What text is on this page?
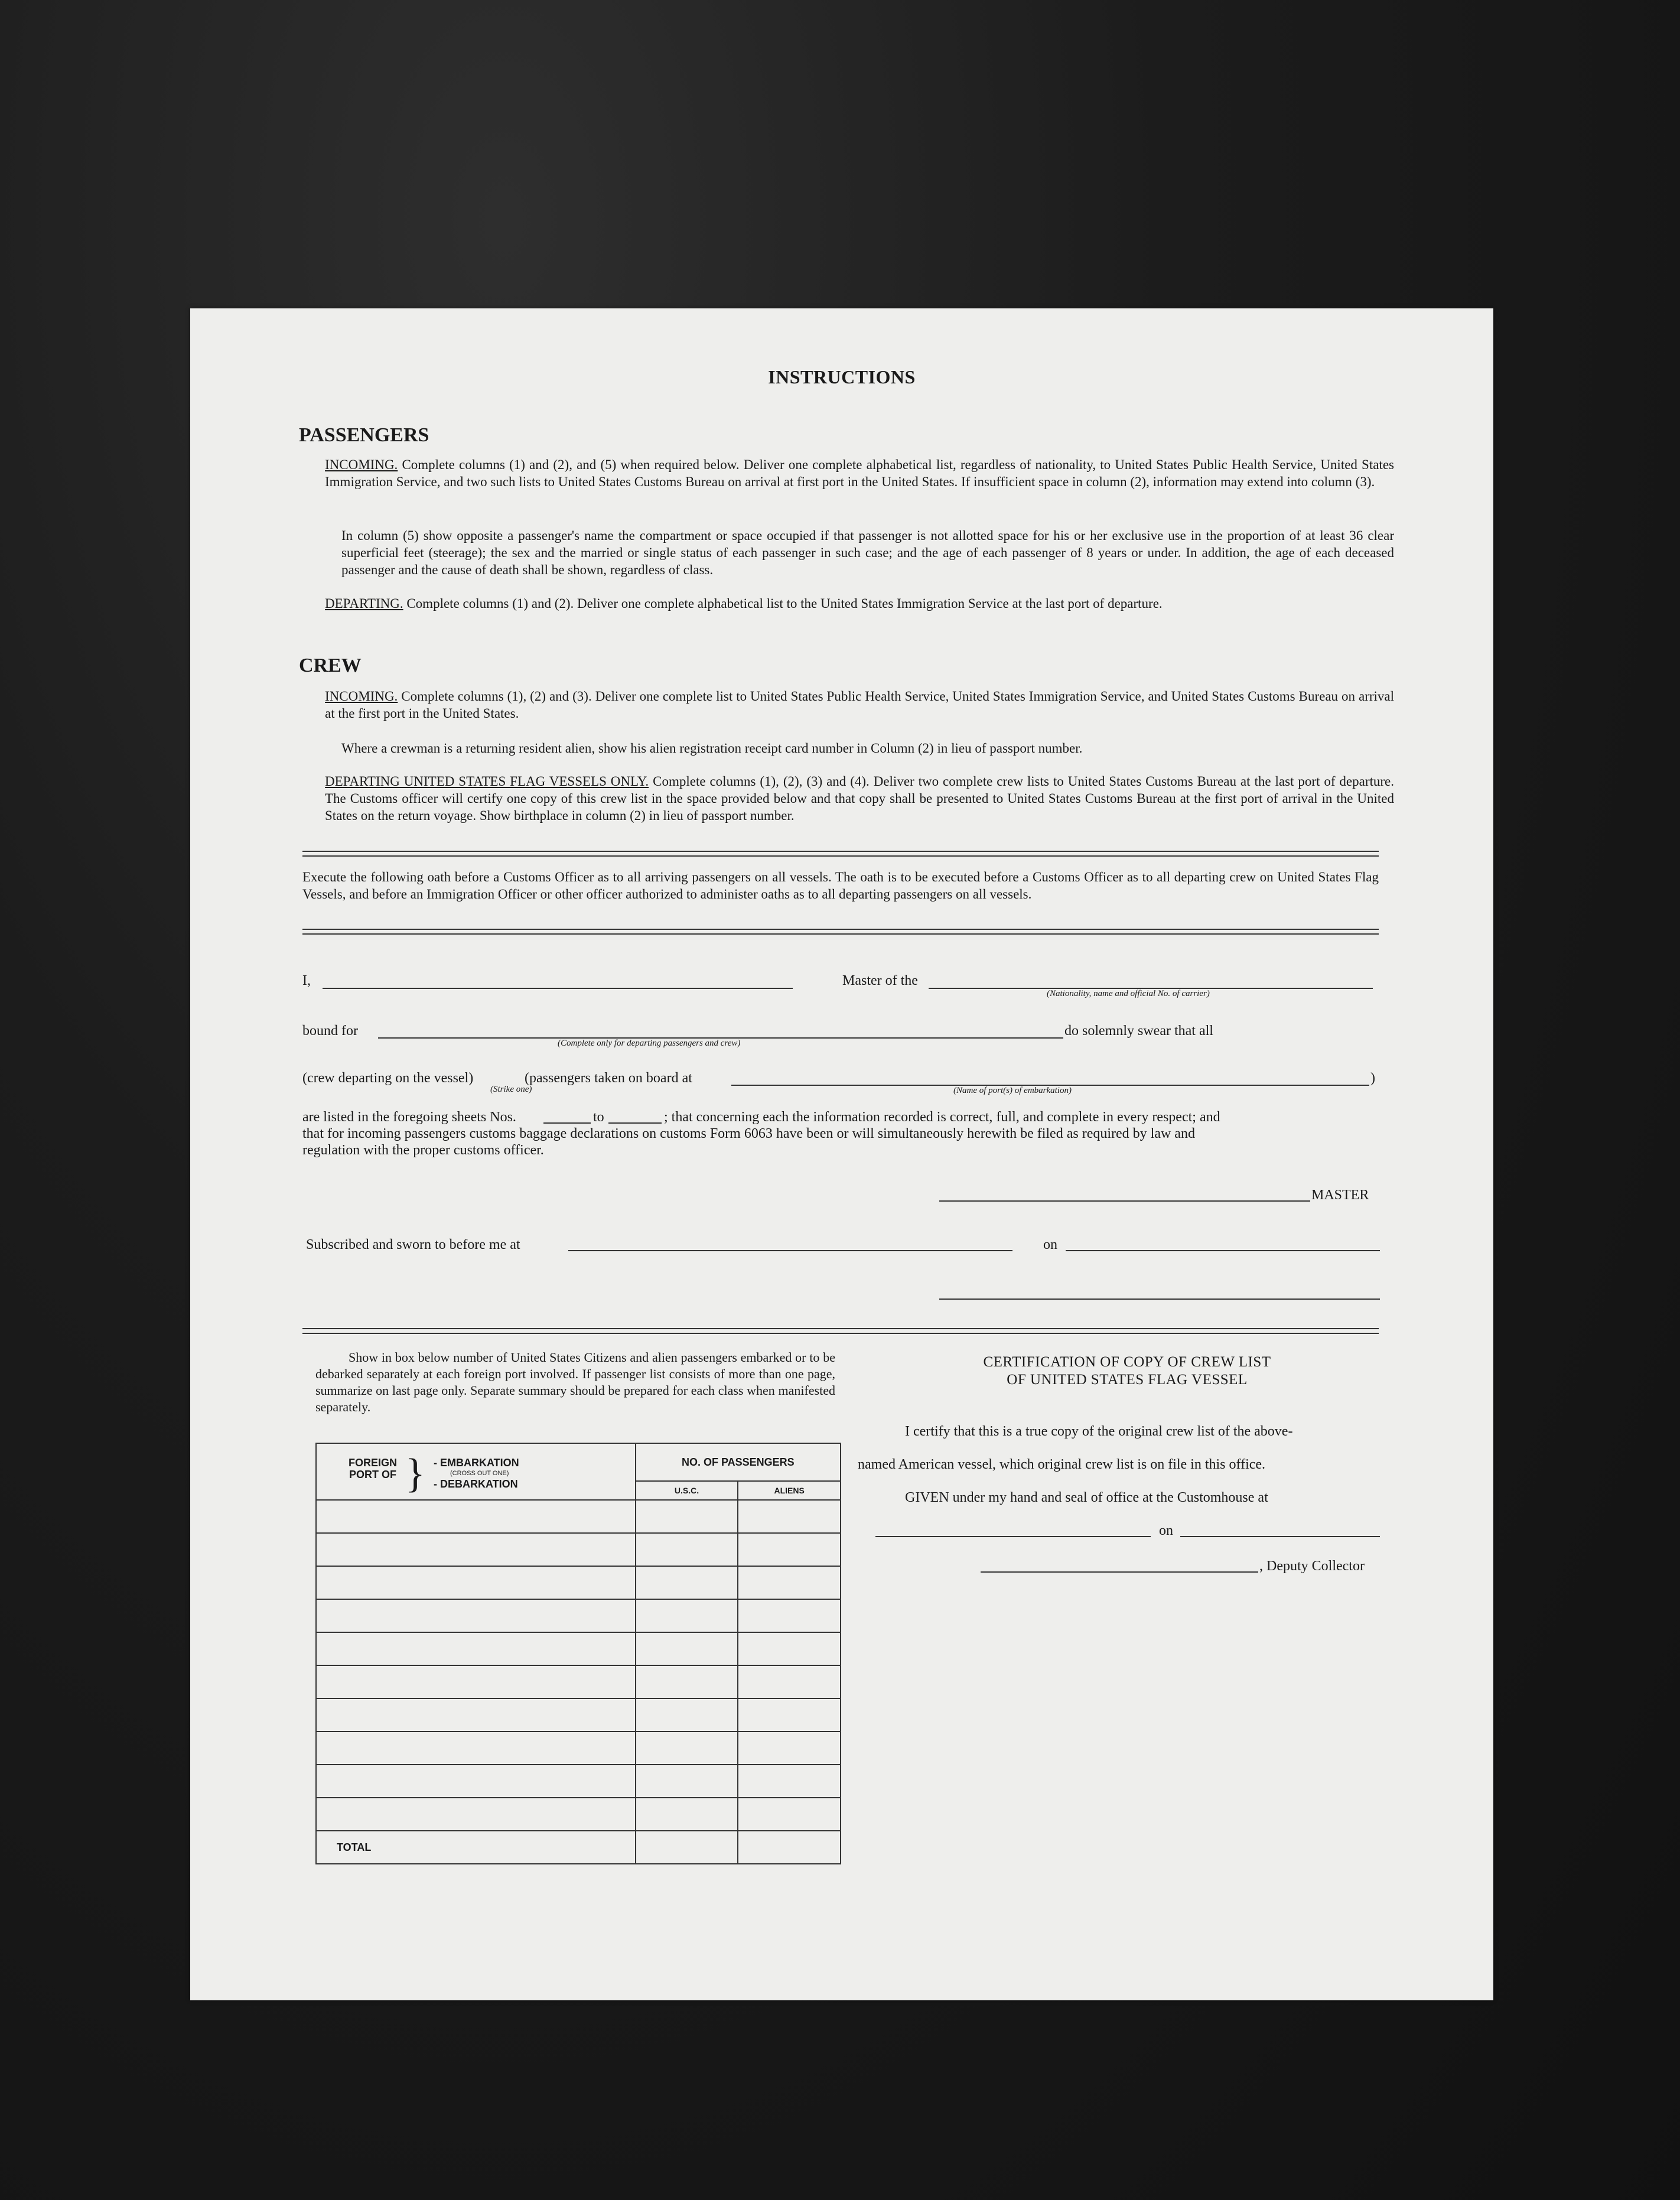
INSTRUCTIONS
PASSENGERS
INCOMING. Complete columns (1) and (2), and (5) when required below. Deliver one complete alphabetical list, regardless of nationality, to United States Public Health Service, United States Immigration Service, and two such lists to United States Customs Bureau on arrival at first port in the United States. If insufficient space in column (2), information may extend into column (3).
In column (5) show opposite a passenger's name the compartment or space occupied if that passenger is not allotted space for his or her exclusive use in the proportion of at least 36 clear superficial feet (steerage); the sex and the married or single status of each passenger in such case; and the age of each passenger of 8 years or under. In addition, the age of each deceased passenger and the cause of death shall be shown, regardless of class.
DEPARTING. Complete columns (1) and (2). Deliver one complete alphabetical list to the United States Immigration Service at the last port of departure.
CREW
INCOMING. Complete columns (1), (2) and (3). Deliver one complete list to United States Public Health Service, United States Immigration Service, and United States Customs Bureau on arrival at the first port in the United States.
Where a crewman is a returning resident alien, show his alien registration receipt card number in Column (2) in lieu of passport number.
DEPARTING UNITED STATES FLAG VESSELS ONLY. Complete columns (1), (2), (3) and (4). Deliver two complete crew lists to United States Customs Bureau at the last port of departure. The Customs officer will certify one copy of this crew list in the space provided below and that copy shall be presented to United States Customs Bureau at the first port of arrival in the United States on the return voyage. Show birthplace in column (2) in lieu of passport number.
Execute the following oath before a Customs Officer as to all arriving passengers on all vessels. The oath is to be executed before a Customs Officer as to all departing crew on United States Flag Vessels, and before an Immigration Officer or other officer authorized to administer oaths as to all departing passengers on all vessels.
I,	Master of the
(Nationality, name and official No. of carrier)
bound for
(Complete only for departing passengers and crew)
do solemnly swear that all
(crew departing on the vessel)
(Strike one)
(passengers taken on board at
(Name of port(s) of embarkation)
)
are listed in the foregoing sheets Nos.	to	; that concerning each the information recorded is correct, full, and complete in every respect; and
that for incoming passengers customs baggage declarations on customs Form 6063 have been or will simultaneously herewith be filed as required by law and
regulation with the proper customs officer.
MASTER
Subscribed and sworn to before me at	on
Show in box below number of United States Citizens and alien passengers embarked or to be debarked separately at each foreign port involved. If passenger list consists of more than one page, summarize on last page only. Separate summary should be prepared for each class when manifested separately.
FOREIGN PORT OF } - EMBARKATION
(CROSS OUT ONE)
- DEBARKATION	NO. OF PASSENGERS	
	U.S.C.	ALIENS

TOTAL		
CERTIFICATION OF COPY OF CREW LIST
OF UNITED STATES FLAG VESSEL
I certify that this is a true copy of the original crew list of the above-
named American vessel, which original crew list is on file in this office.
GIVEN under my hand and seal of office at the Customhouse at
on
, Deputy Collector
